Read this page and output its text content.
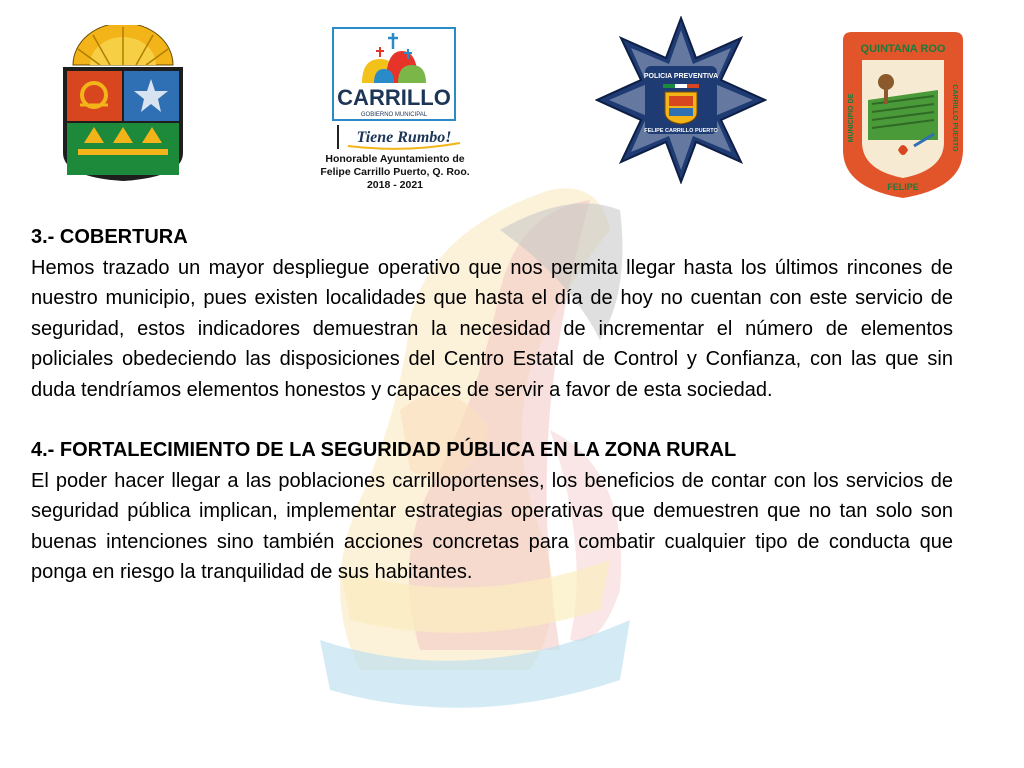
CARRILLO
GOBIERNO MUNICIPAL
Tiene Rumbo!
Honorable Ayuntamiento de
Felipe Carrillo Puerto, Q. Roo.
2018 - 2021
POLICIA PREVENTIVA
FELIPE CARRILLO PUERTO
QUINTANA ROO
MUNICIPIO DE	CARRILLO PUERTO
FELIPE

3.- COBERTURA

Hemos trazado un mayor despliegue operativo que nos permita llegar hasta los últimos rincones de nuestro municipio, pues existen localidades que hasta el día de hoy no cuentan con este servicio de seguridad, estos indicadores demuestran la necesidad de incrementar el número de elementos policiales obedeciendo las disposiciones del Centro Estatal de Control y Confianza, con las que sin duda tendríamos elementos honestos y capaces de servir a favor de esta sociedad.

4.- FORTALECIMIENTO DE LA SEGURIDAD PÚBLICA EN LA ZONA RURAL

El poder hacer llegar a las poblaciones carrilloportenses, los beneficios de contar con los servicios de seguridad pública implican, implementar estrategias operativas que demuestren que no tan solo son buenas intenciones sino también acciones concretas para combatir cualquier tipo de conducta que ponga en riesgo la tranquilidad de sus habitantes.
